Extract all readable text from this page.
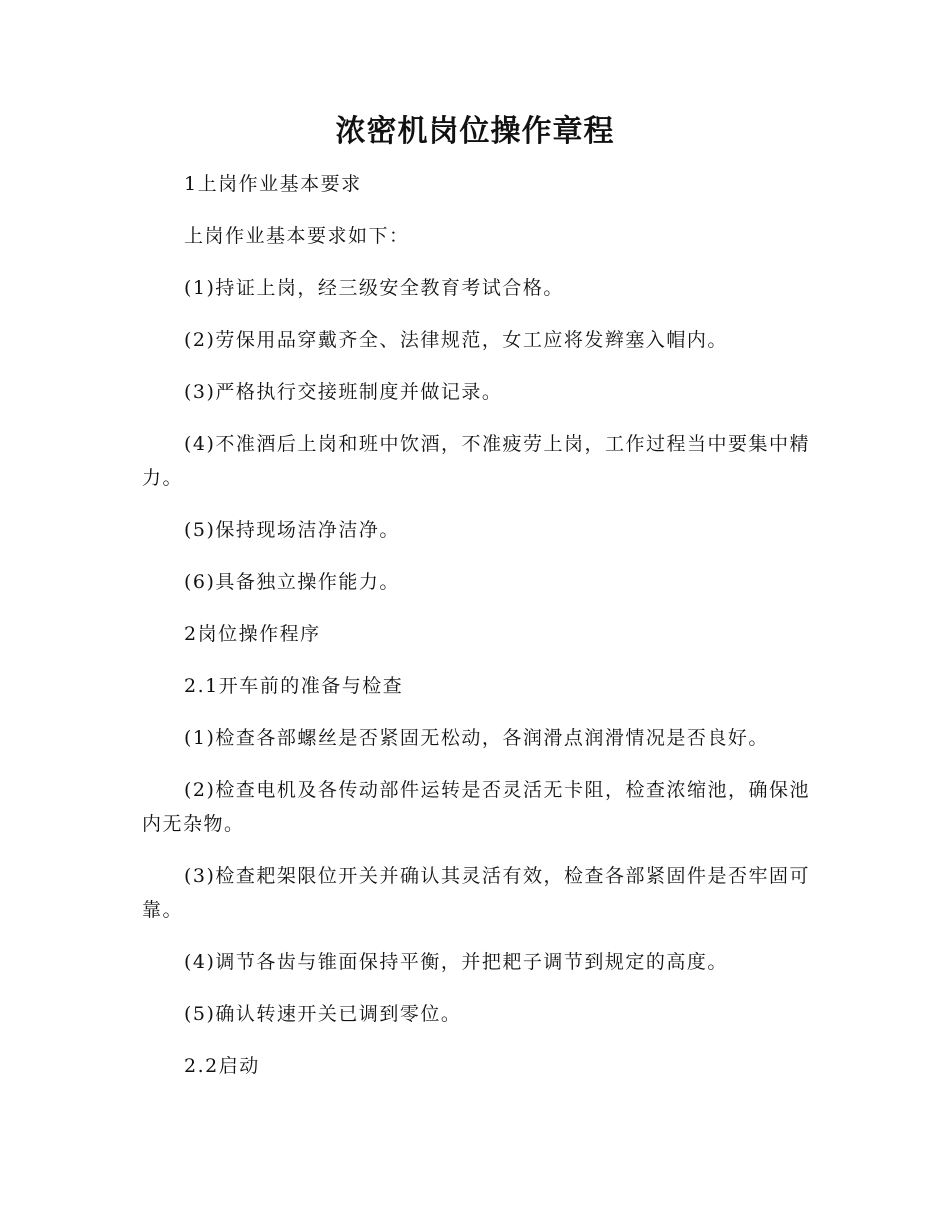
浓密机岗位操作章程

1上岗作业基本要求

上岗作业基本要求如下：

(1)持证上岗，经三级安全教育考试合格。

(2)劳保用品穿戴齐全、法律规范，女工应将发辫塞入帽内。

(3)严格执行交接班制度并做记录。

(4)不准酒后上岗和班中饮酒，不准疲劳上岗，工作过程当中要集中精力。

(5)保持现场洁净洁净。

(6)具备独立操作能力。

2岗位操作程序

2.1开车前的准备与检查

(1)检查各部螺丝是否紧固无松动，各润滑点润滑情况是否良好。

(2)检查电机及各传动部件运转是否灵活无卡阻，检查浓缩池，确保池内无杂物。

(3)检查耙架限位开关并确认其灵活有效，检查各部紧固件是否牢固可靠。

(4)调节各齿与锥面保持平衡，并把耙子调节到规定的高度。

(5)确认转速开关已调到零位。

2.2启动
